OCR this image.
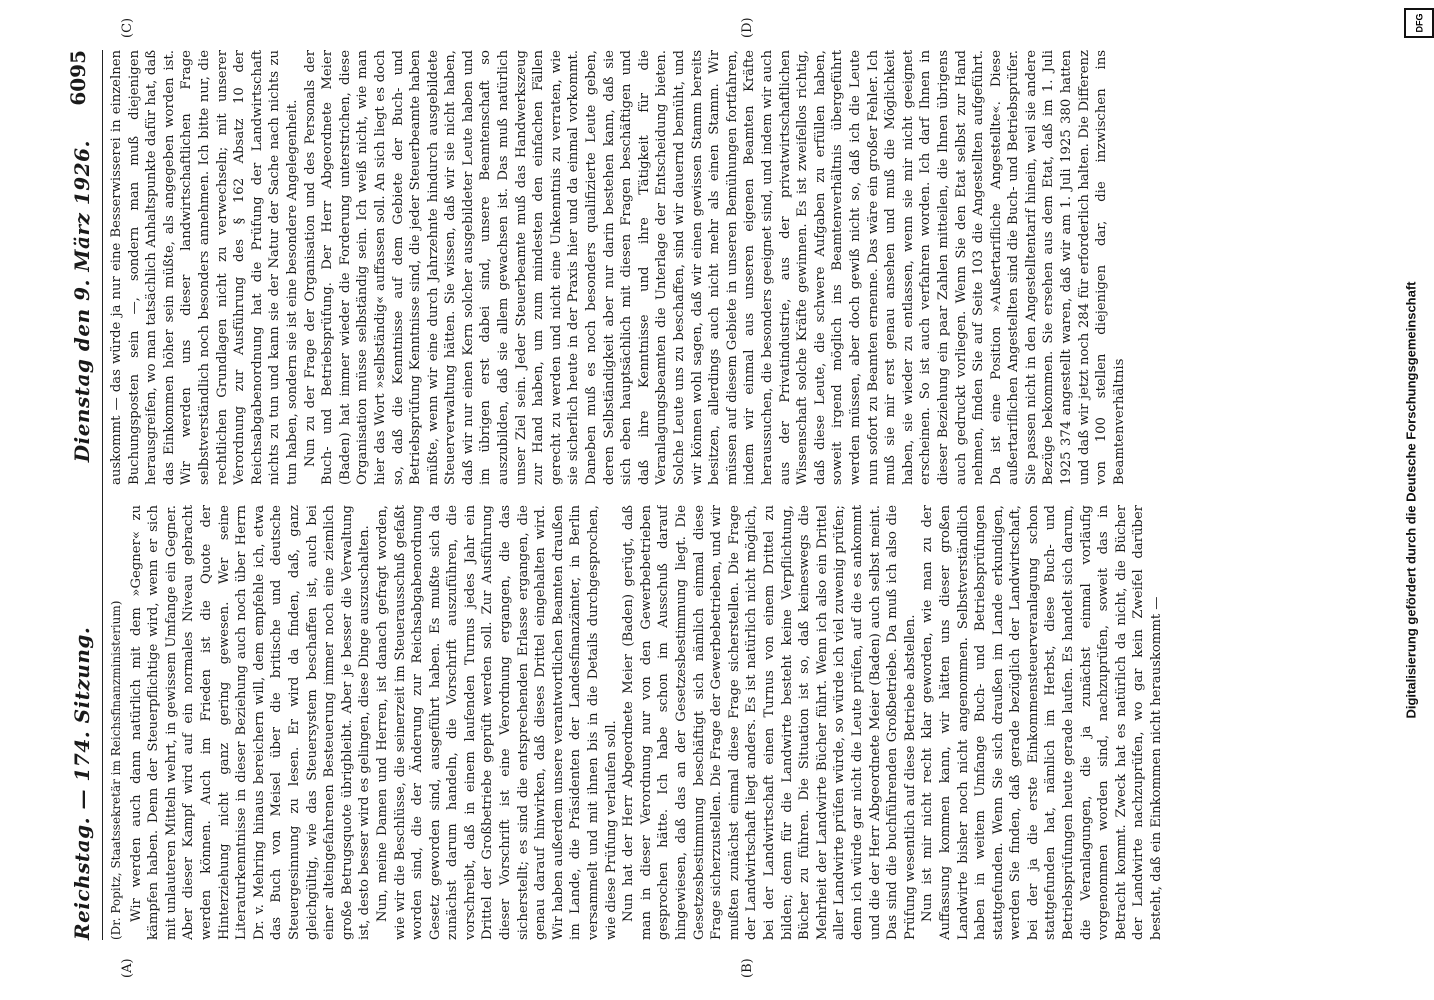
Reichstag. — 174. Sitzung.
Dienstag den 9. März 1926.
6095
(A)	(B)
(C)	(D)
(Dr. Popitz, Staatssekretär im Reichsfinanzministerium) Wir werden auch dann natürlich mit dem »Gegner« zu kämpfen haben. Denn der Steuerpflichtige wird, wenn er sich mit unlauteren Mitteln wehrt, in gewissem Umfange ein Gegner. Aber dieser Kampf wird auf ein normales Niveau gebracht werden können. Auch im Frieden ist die Quote der Hinterziehung nicht ganz gering gewesen. Wer seine Literaturkenntnisse in dieser Beziehung auch noch über Herrn Dr. v. Mehring hinaus bereichern will, dem empfehle ich, etwa das Buch von Meisel über die britische und deutsche Steuergesinnung zu lesen. Er wird da finden, daß, ganz gleichgültig, wie das Steuersystem beschaffen ist, auch bei einer alteingefahrenen Besteuerung immer noch eine ziemlich große Betrugsquote übrigbleibt. Aber je besser die Verwaltung ist, desto besser wird es gelingen, diese Dinge auszuschalten. Nun, meine Damen und Herren, ist danach gefragt worden, wie wir die Beschlüsse, die seinerzeit im Steuerausschuß gefaßt worden sind, die der Änderung zur Reichsabgabenordnung Gesetz geworden sind, ausgeführt haben. Es mußte sich da zunächst darum handeln, die Vorschrift auszuführen, die vorschreibt, daß in einem laufenden Turnus jedes Jahr ein Drittel der Großbetriebe geprüft werden soll. Zur Ausführung dieser Vorschrift ist eine Verordnung ergangen, die das sicherstellt; es sind die entsprechenden Erlasse ergangen, die genau darauf hinwirken, daß dieses Drittel eingehalten wird. Wir haben außerdem unsere verantwortlichen Beamten draußen im Lande, die Präsidenten der Landesfinanzämter, in Berlin versammelt und mit ihnen bis in die Details durchgesprochen, wie diese Prüfung verlaufen soll. Nun hat der Herr Abgeordnete Meier (Baden) gerügt, daß man in dieser Verordnung nur von den Gewerbebetrieben gesprochen hätte. Ich habe schon im Ausschuß darauf hingewiesen, daß das an der Gesetzesbestimmung liegt. Die Gesetzesbestimmung beschäftigt sich nämlich einmal diese Frage sicherzustellen. Die Frage der Gewerbebetrieben, und wir mußten zunächst einmal diese Frage sicherstellen. Die Frage der Landwirtschaft liegt anders. Es ist natürlich nicht möglich, bei der Landwirtschaft einen Turnus von einem Drittel zu bilden; denn für die Landwirte besteht keine Verpflichtung, Bücher zu führen. Die Situation ist so, daß keineswegs die Mehrheit der Landwirte Bücher führt. Wenn ich also ein Drittel aller Landwirte prüfen würde, so würde ich viel zuwenig prüfen; denn ich würde gar nicht die Leute prüfen, auf die es ankommt und die der Herr Abgeordnete Meier (Baden) auch selbst meint. Das sind die buchführenden Großbetriebe. Da muß ich also die Prüfung wesentlich auf diese Betriebe abstellen. Nun ist mir nicht recht klar geworden, wie man zu der Auffassung kommen kann, wir hätten uns dieser großen Landwirte bisher noch nicht angenommen. Selbstverständlich haben in weitem Umfange Buch- und Betriebsprüfungen stattgefunden. Wenn Sie sich draußen im Lande erkundigen, werden Sie finden, daß gerade bezüglich der Landwirtschaft, bei der ja die erste Einkommensteuerveranlagung schon stattgefunden hat, nämlich im Herbst, diese Buch- und Betriebsprüfungen heute gerade laufen. Es handelt sich darum, die Veranlagungen, die ja zunächst einmal vorläufig vorgenommen worden sind, nachzuprüfen, soweit das in Betracht kommt. Zweck hat es natürlich da nicht, die Bücher der Landwirte nachzuprüfen, wo gar kein Zweifel darüber besteht, daß ein Einkommen nicht herauskommt —

auskommt — das würde ja nur eine Besserwisserei in einzelnen Buchungsposten sein —, sondern man muß diejenigen herausgreifen, wo man tatsächlich Anhaltspunkte dafür hat, daß das Einkommen höher sein müßte, als angegeben worden ist. Wir werden uns dieser landwirtschaftlichen Frage selbstverständlich noch besonders annehmen. Ich bitte nur, die rechtlichen Grundlagen nicht zu verwechseln; mit unserer Verordnung zur Ausführung des § 162 Absatz 10 der Reichsabgabenordnung hat die Prüfung der Landwirtschaft nichts zu tun und kann sie der Natur der Sache nach nichts zu tun haben, sondern sie ist eine besondere Angelegenheit. Nun zu der Frage der Organisation und des Personals der Buch- und Betriebsprüfung. Der Herr Abgeordnete Meier (Baden) hat immer wieder die Forderung unterstrichen, diese Organisation müsse selbständig sein. Ich weiß nicht, wie man hier das Wort »selbständig« auffassen soll. An sich liegt es doch so, daß die Kenntnisse auf dem Gebiete der Buch- und Betriebsprüfung Kenntnisse sind, die jeder Steuerbeamte haben müßte, wenn wir eine durch Jahrzehnte hindurch ausgebildete Steuerverwaltung hätten. Sie wissen, daß wir sie nicht haben, daß wir nur einen Kern solcher ausgebildeter Leute haben und im übrigen erst dabei sind, unsere Beamtenschaft so auszubilden, daß sie allem gewachsen ist. Das muß natürlich unser Ziel sein. Jeder Steuerbeamte muß das Handwerkszeug zur Hand haben, um zum mindesten den einfachen Fällen gerecht zu werden und nicht eine Unkenntnis zu verraten, wie sie sicherlich heute in der Praxis hier und da einmal vorkommt. Daneben muß es noch besonders qualifizierte Leute geben, deren Selbständigkeit aber nur darin bestehen kann, daß sie sich eben hauptsächlich mit diesen Fragen beschäftigen und daß ihre Kenntnisse und ihre Tätigkeit für die Veranlagungsbeamten die Unterlage der Entscheidung bieten. Solche Leute uns zu beschaffen, sind wir dauernd bemüht, und wir können wohl sagen, daß wir einen gewissen Stamm bereits besitzen, allerdings auch nicht mehr als einen Stamm. Wir müssen auf diesem Gebiete in unseren Bemühungen fortfahren, indem wir einmal aus unseren eigenen Beamten Kräfte heraussuchen, die besonders geeignet sind, und indem wir auch aus der Privatindustrie, aus der privatwirtschaftlichen Wissenschaft solche Kräfte gewinnen. Es ist zweifellos richtig, daß diese Leute, die schwere Aufgaben zu erfüllen haben, soweit irgend möglich ins Beamtenverhältnis übergeführt werden müssen, aber doch gewiß nicht so, daß ich die Leute nun sofort zu Beamten ernenne. Das wäre ein großer Fehler. Ich muß sie mir erst genau ansehen und muß die Möglichkeit haben, sie wieder zu entlassen, wenn sie mir nicht geeignet erscheinen. So ist auch verfahren worden. Ich darf Ihnen in dieser Beziehung ein paar Zahlen mitteilen, die Ihnen übrigens auch gedruckt vorliegen. Wenn Sie den Etat selbst zur Hand nehmen, finden Sie auf Seite 103 die Angestellten aufgeführt. Da ist eine Position »Außertarifliche Angestellte«. Diese außertariflichen Angestellten sind die Buch- und Betriebsprüfer. Sie passen nicht in den Angestelltentarif hinein, weil sie andere Bezüge bekommen. Sie ersehen aus dem Etat, daß im 1. Juli 1925 374 angestellt waren, daß wir am 1. Juli 1925 380 hatten und daß wir jetzt noch 284 für erforderlich halten. Die Differenz von 100 stellen diejenigen dar, die inzwischen ins Beamtenverhältnis	Digitalisierung gefördert durch die Deutsche Forschungsgemeinschaft
DFG
